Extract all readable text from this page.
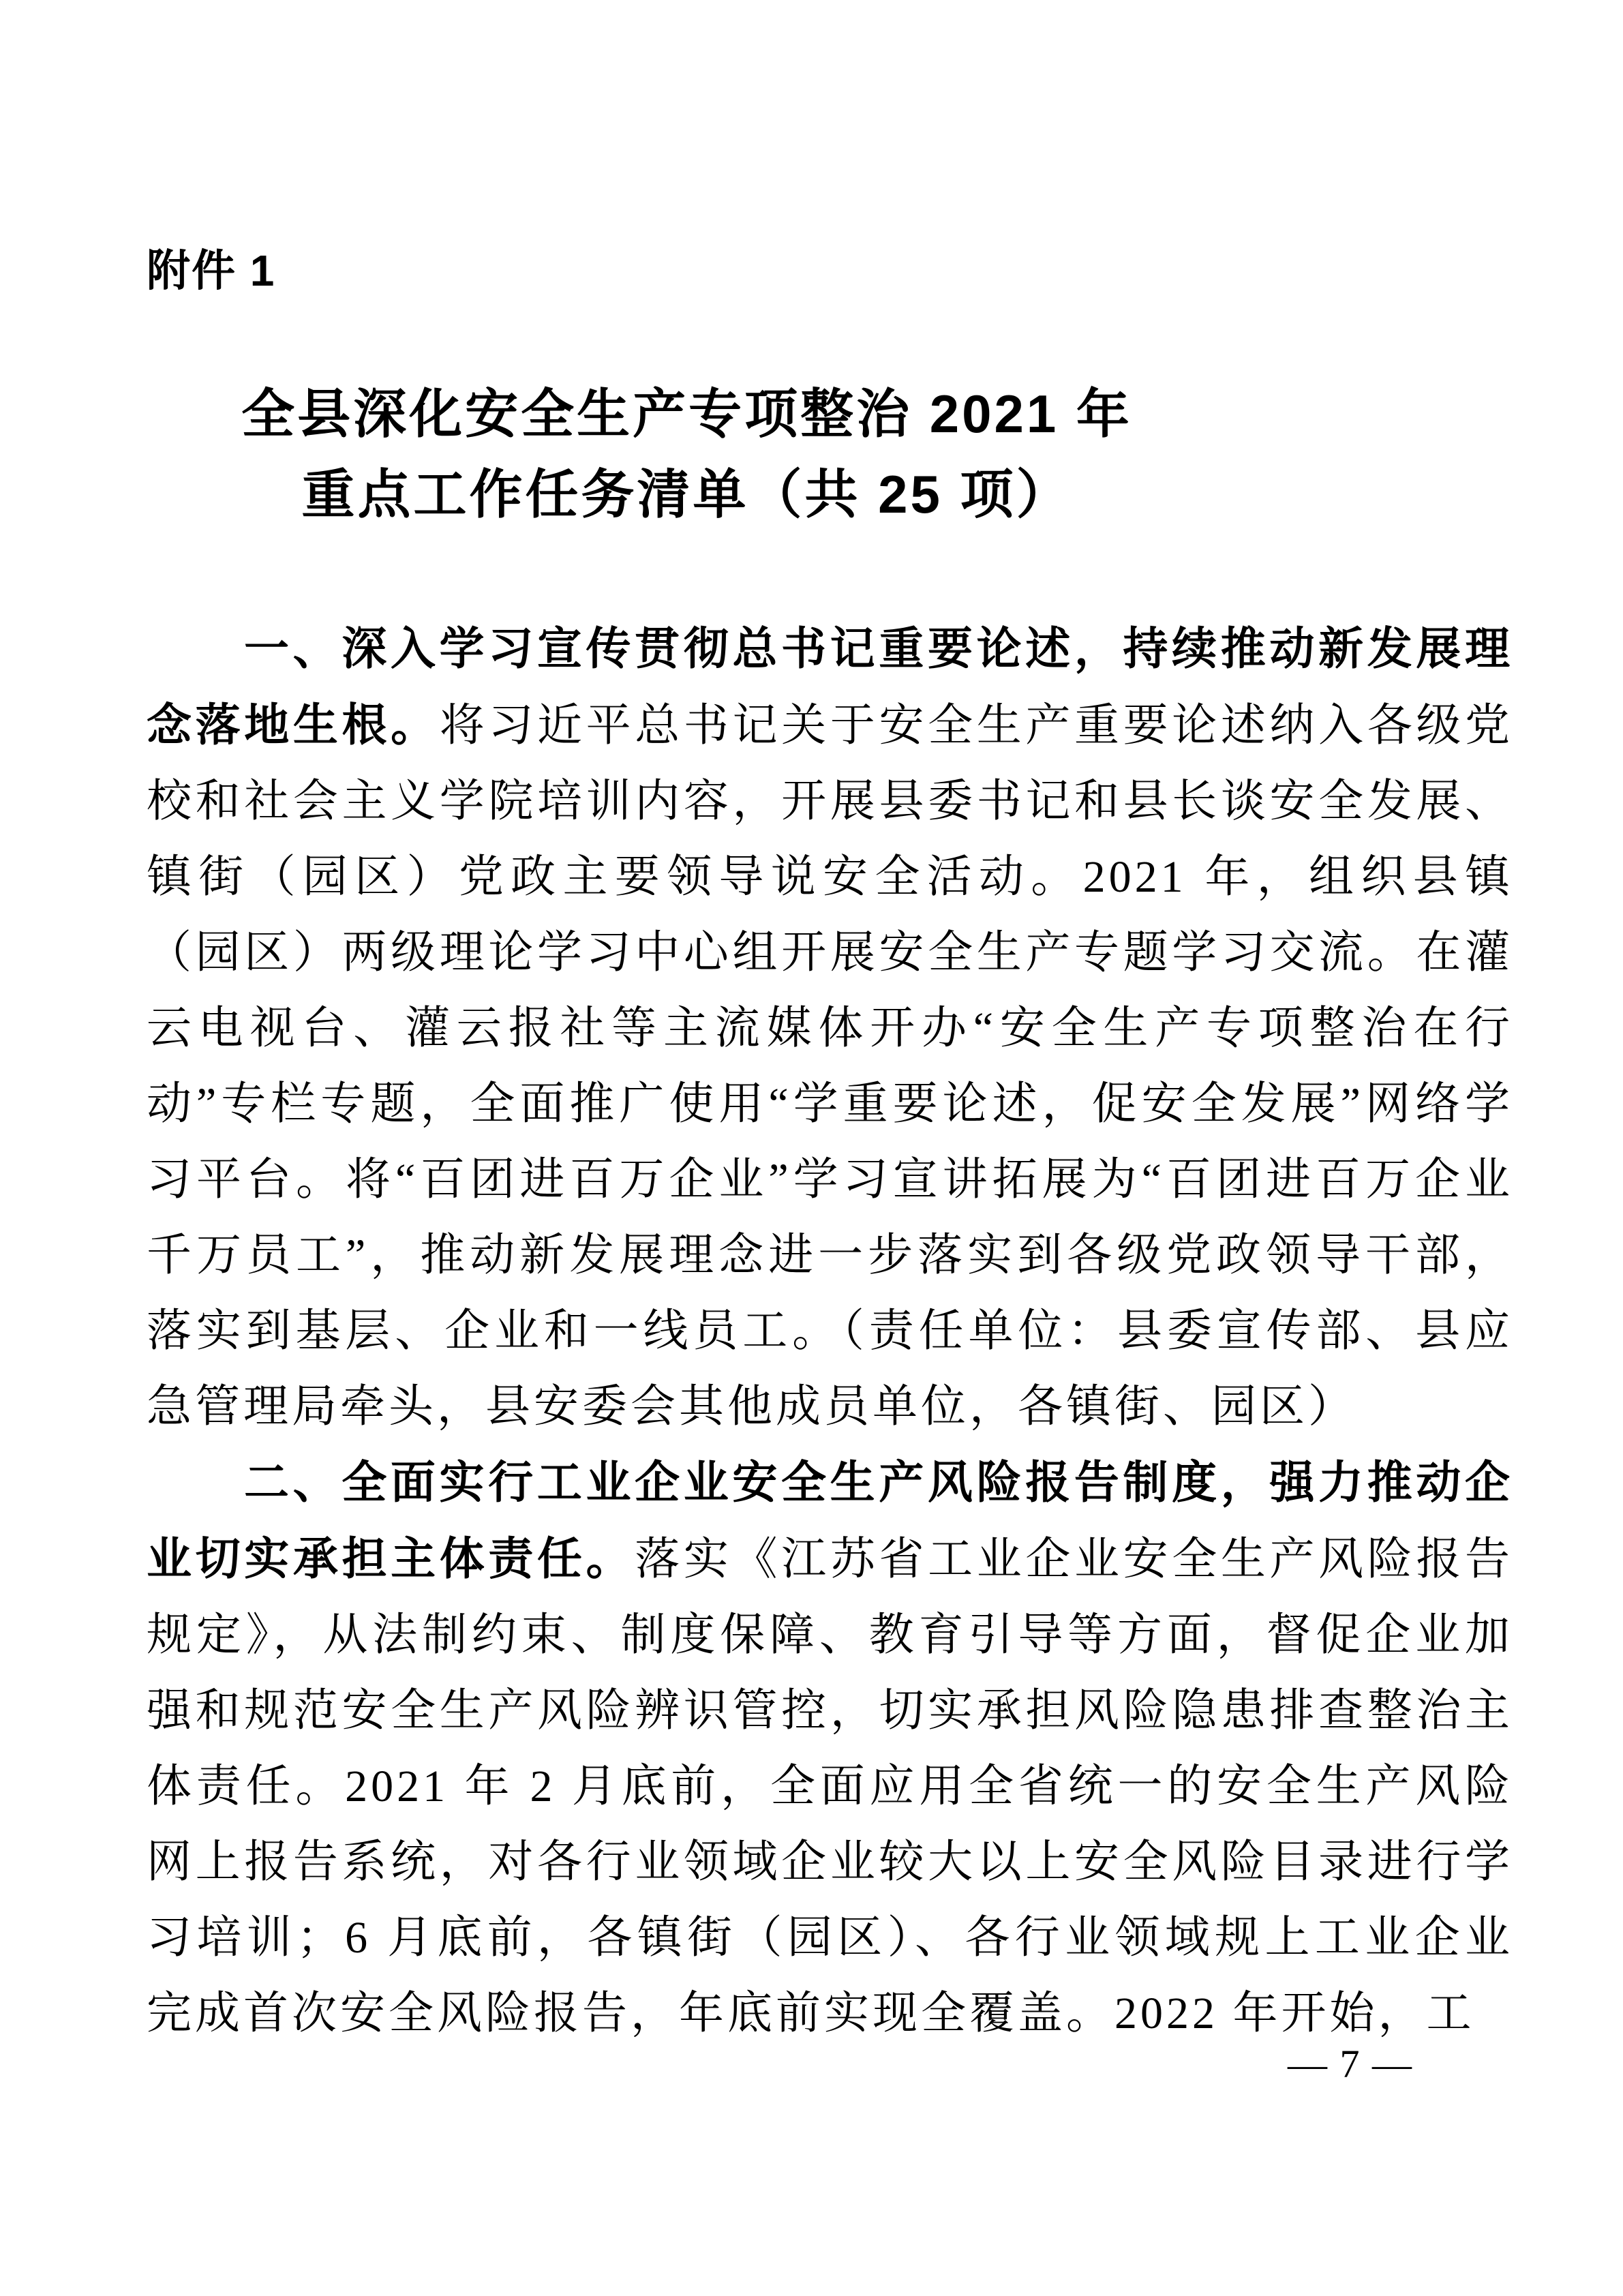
附件 1
全县深化安全生产专项整治 2021 年
重点工作任务清单（共 25 项）

一、深入学习宣传贯彻总书记重要论述，持续推动新发展理念落地生根。将习近平总书记关于安全生产重要论述纳入各级党校和社会主义学院培训内容，开展县委书记和县长谈安全发展、镇街（园区）党政主要领导说安全活动。2021 年，组织县镇（园区）两级理论学习中心组开展安全生产专题学习交流。在灌云电视台、灌云报社等主流媒体开办“安全生产专项整治在行动”专栏专题，全面推广使用“学重要论述，促安全发展”网络学习平台。将“百团进百万企业”学习宣讲拓展为“百团进百万企业千万员工”，推动新发展理念进一步落实到各级党政领导干部，落实到基层、企业和一线员工。（责任单位：县委宣传部、县应急管理局牵头，县安委会其他成员单位，各镇街、园区）

二、全面实行工业企业安全生产风险报告制度，强力推动企业切实承担主体责任。落实《江苏省工业企业安全生产风险报告规定》，从法制约束、制度保障、教育引导等方面，督促企业加强和规范安全生产风险辨识管控，切实承担风险隐患排查整治主体责任。2021 年 2 月底前，全面应用全省统一的安全生产风险网上报告系统，对各行业领域企业较大以上安全风险目录进行学习培训；6 月底前，各镇街（园区）、各行业领域规上工业企业完成首次安全风险报告，年底前实现全覆盖。2022 年开始，工

— 7 —
